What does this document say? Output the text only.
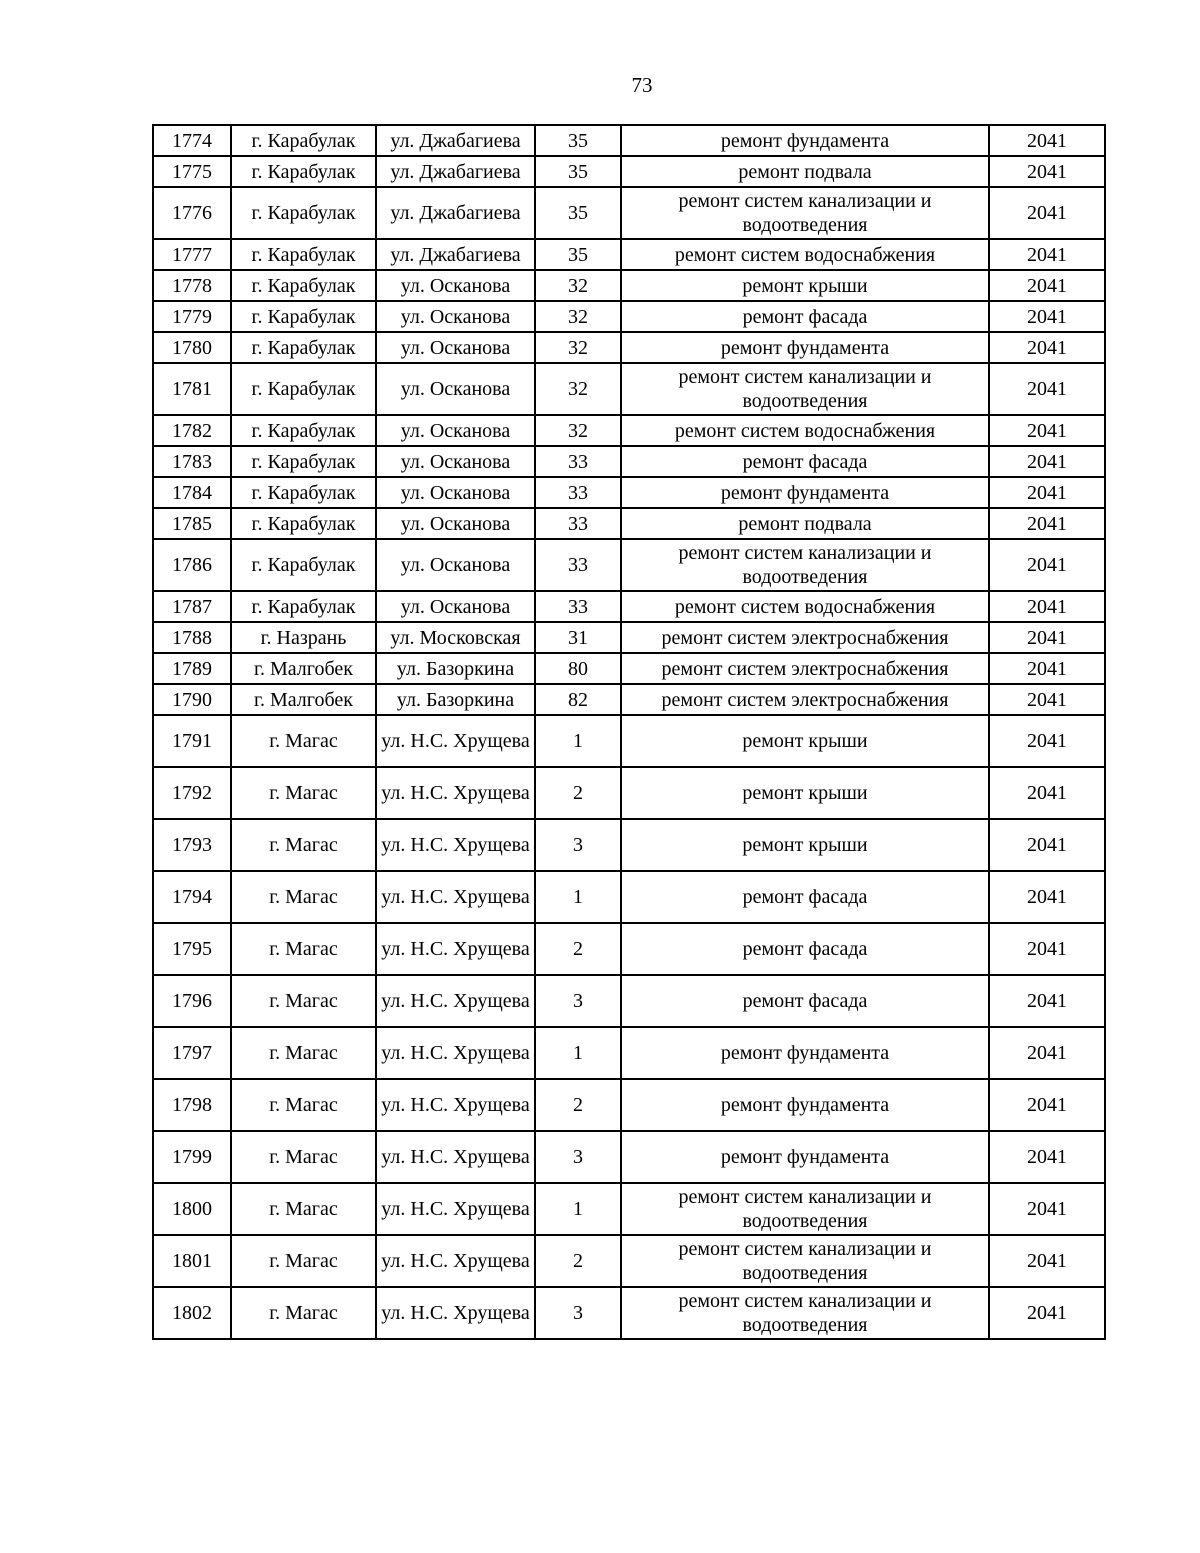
73
1774	г. Карабулак	ул. Джабагиева	35	ремонт фундамента	2041

1775	г. Карабулак	ул. Джабагиева	35	ремонт подвала	2041

1776	г. Карабулак	ул. Джабагиева	35	ремонт систем канализации и водоотведения	2041

1777	г. Карабулак	ул. Джабагиева	35	ремонт систем водоснабжения	2041

1778	г. Карабулак	ул. Осканова	32	ремонт крыши	2041

1779	г. Карабулак	ул. Осканова	32	ремонт фасада	2041

1780	г. Карабулак	ул. Осканова	32	ремонт фундамента	2041

1781	г. Карабулак	ул. Осканова	32	ремонт систем канализации и водоотведения	2041

1782	г. Карабулак	ул. Осканова	32	ремонт систем водоснабжения	2041

1783	г. Карабулак	ул. Осканова	33	ремонт фасада	2041

1784	г. Карабулак	ул. Осканова	33	ремонт фундамента	2041

1785	г. Карабулак	ул. Осканова	33	ремонт подвала	2041

1786	г. Карабулак	ул. Осканова	33	ремонт систем канализации и водоотведения	2041

1787	г. Карабулак	ул. Осканова	33	ремонт систем водоснабжения	2041

1788	г. Назрань	ул. Московская	31	ремонт систем электроснабжения	2041

1789	г. Малгобек	ул. Базоркина	80	ремонт систем электроснабжения	2041

1790	г. Малгобек	ул. Базоркина	82	ремонт систем электроснабжения	2041

1791	г. Магас	ул. Н.С. Хрущева	1	ремонт крыши	2041

1792	г. Магас	ул. Н.С. Хрущева	2	ремонт крыши	2041

1793	г. Магас	ул. Н.С. Хрущева	3	ремонт крыши	2041

1794	г. Магас	ул. Н.С. Хрущева	1	ремонт фасада	2041

1795	г. Магас	ул. Н.С. Хрущева	2	ремонт фасада	2041

1796	г. Магас	ул. Н.С. Хрущева	3	ремонт фасада	2041

1797	г. Магас	ул. Н.С. Хрущева	1	ремонт фундамента	2041

1798	г. Магас	ул. Н.С. Хрущева	2	ремонт фундамента	2041

1799	г. Магас	ул. Н.С. Хрущева	3	ремонт фундамента	2041

1800	г. Магас	ул. Н.С. Хрущева	1	ремонт систем канализации и водоотведения	2041

1801	г. Магас	ул. Н.С. Хрущева	2	ремонт систем канализации и водоотведения	2041

1802	г. Магас	ул. Н.С. Хрущева	3	ремонт систем канализации и водоотведения	2041
